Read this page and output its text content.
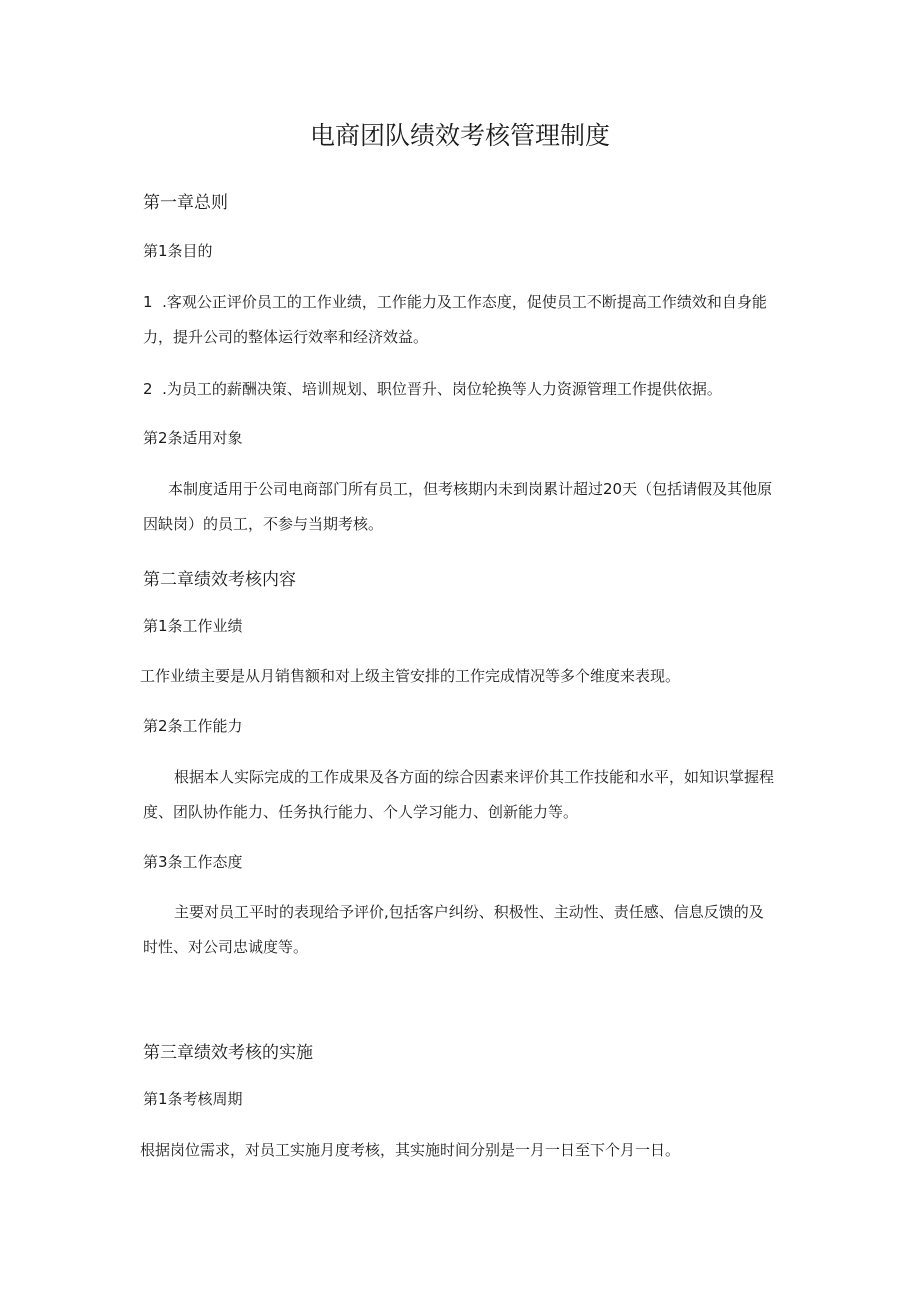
电商团队绩效考核管理制度
第一章总则
第1条目的
1  .客观公正评价员工的工作业绩，工作能力及工作态度，促使员工不断提高工作绩效和自身能
力，提升公司的整体运行效率和经济效益。
2  .为员工的薪酬决策、培训规划、职位晋升、岗位轮换等人力资源管理工作提供依据。
第2条适用对象
本制度适用于公司电商部门所有员工，但考核期内未到岗累计超过20天（包括请假及其他原
因缺岗）的员工，不参与当期考核。
第二章绩效考核内容
第1条工作业绩
工作业绩主要是从月销售额和对上级主管安排的工作完成情况等多个维度来表现。
第2条工作能力
根据本人实际完成的工作成果及各方面的综合因素来评价其工作技能和水平，如知识掌握程
度、团队协作能力、任务执行能力、个人学习能力、创新能力等。
第3条工作态度
主要对员工平时的表现给予评价,包括客户纠纷、积极性、主动性、责任感、信息反馈的及
时性、对公司忠诚度等。
第三章绩效考核的实施
第1条考核周期
根据岗位需求，对员工实施月度考核，其实施时间分别是一月一日至下个月一日。
